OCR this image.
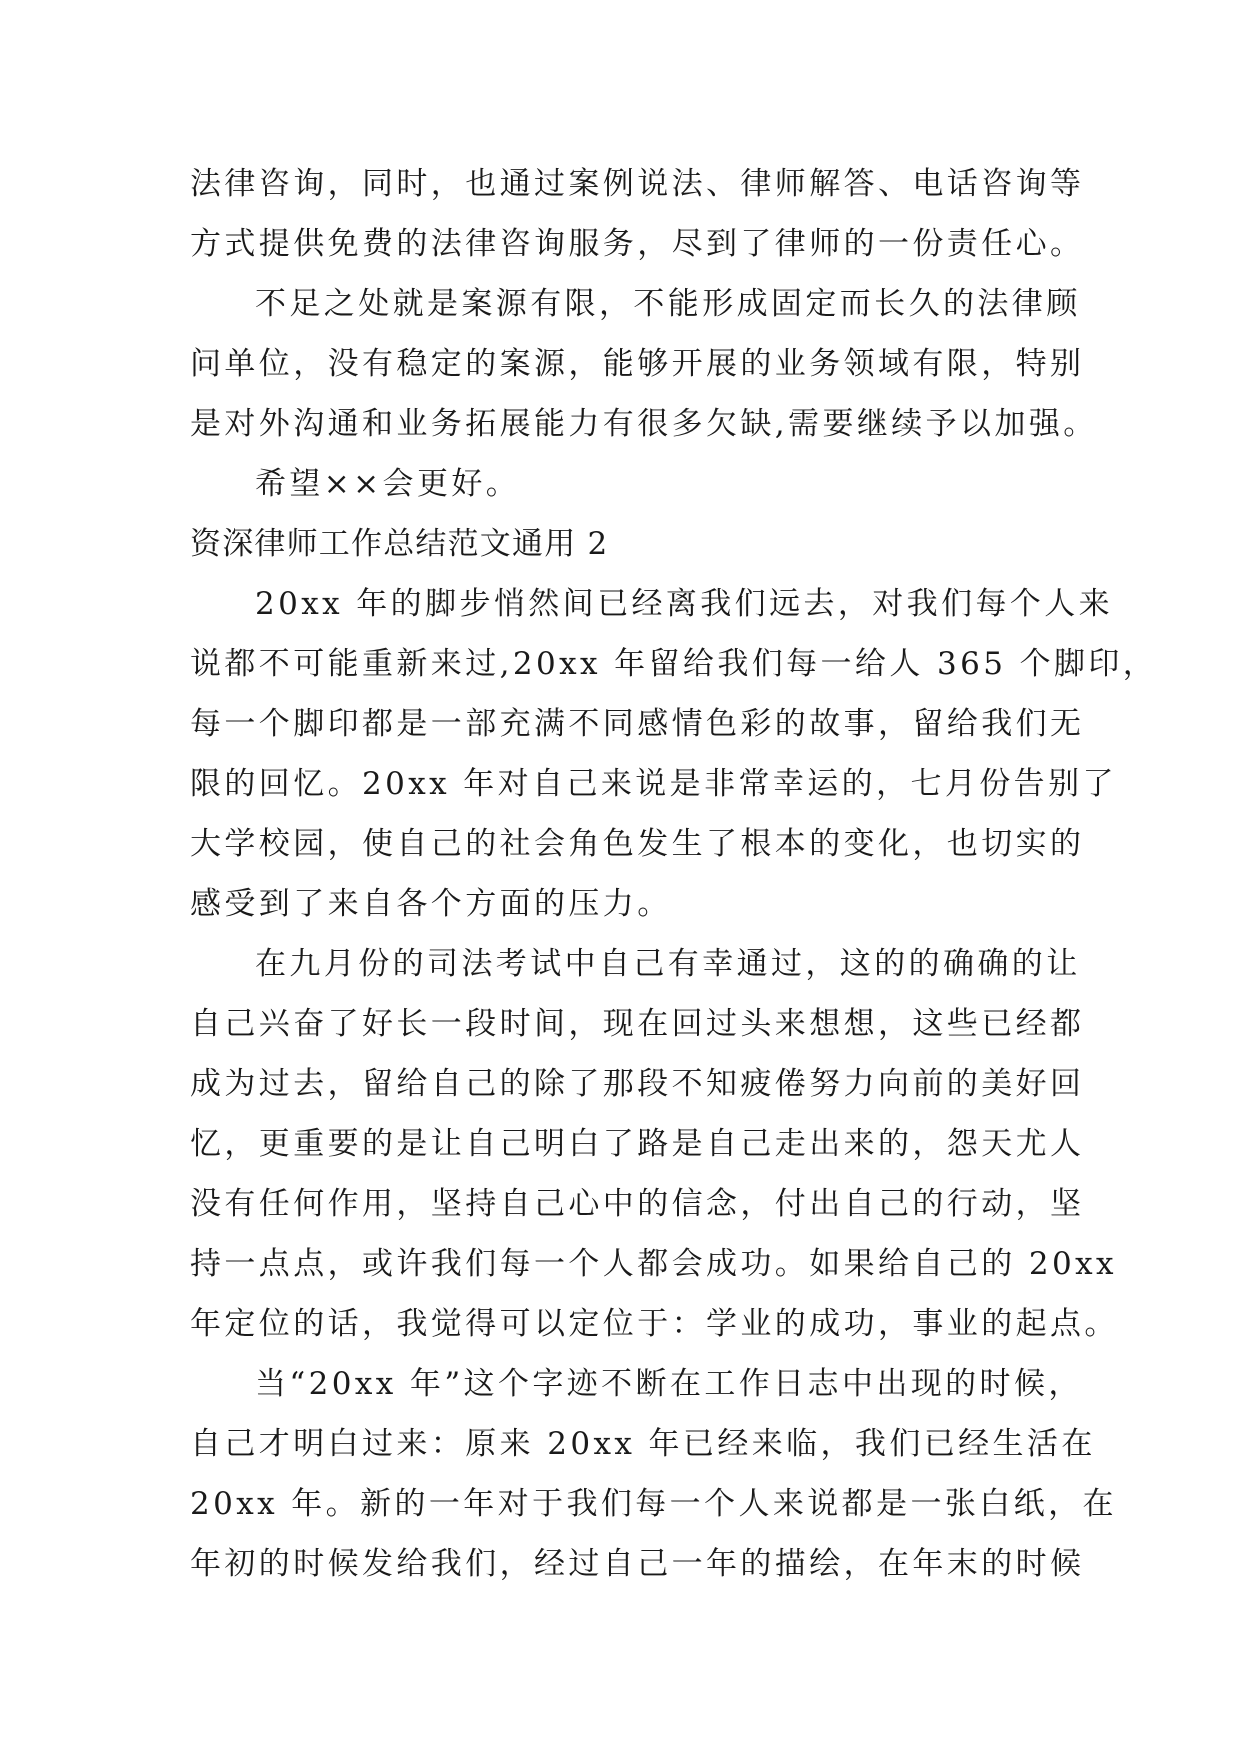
法律咨询，同时，也通过案例说法、律师解答、电话咨询等
方式提供免费的法律咨询服务，尽到了律师的一份责任心。
不足之处就是案源有限，不能形成固定而长久的法律顾
问单位，没有稳定的案源，能够开展的业务领域有限，特别
是对外沟通和业务拓展能力有很多欠缺,需要继续予以加强。
希望××会更好。
资深律师工作总结范文通用 2
20xx 年的脚步悄然间已经离我们远去，对我们每个人来
说都不可能重新来过,20xx 年留给我们每一给人 365 个脚印，
每一个脚印都是一部充满不同感情色彩的故事，留给我们无
限的回忆。20xx 年对自己来说是非常幸运的，七月份告别了
大学校园，使自己的社会角色发生了根本的变化，也切实的
感受到了来自各个方面的压力。
在九月份的司法考试中自己有幸通过，这的的确确的让
自己兴奋了好长一段时间，现在回过头来想想，这些已经都
成为过去，留给自己的除了那段不知疲倦努力向前的美好回
忆，更重要的是让自己明白了路是自己走出来的，怨天尤人
没有任何作用，坚持自己心中的信念，付出自己的行动，坚
持一点点，或许我们每一个人都会成功。如果给自己的 20xx
年定位的话，我觉得可以定位于：学业的成功，事业的起点。
当“20xx 年”这个字迹不断在工作日志中出现的时候，
自己才明白过来：原来 20xx 年已经来临，我们已经生活在
20xx 年。新的一年对于我们每一个人来说都是一张白纸，在
年初的时候发给我们，经过自己一年的描绘，在年末的时候
